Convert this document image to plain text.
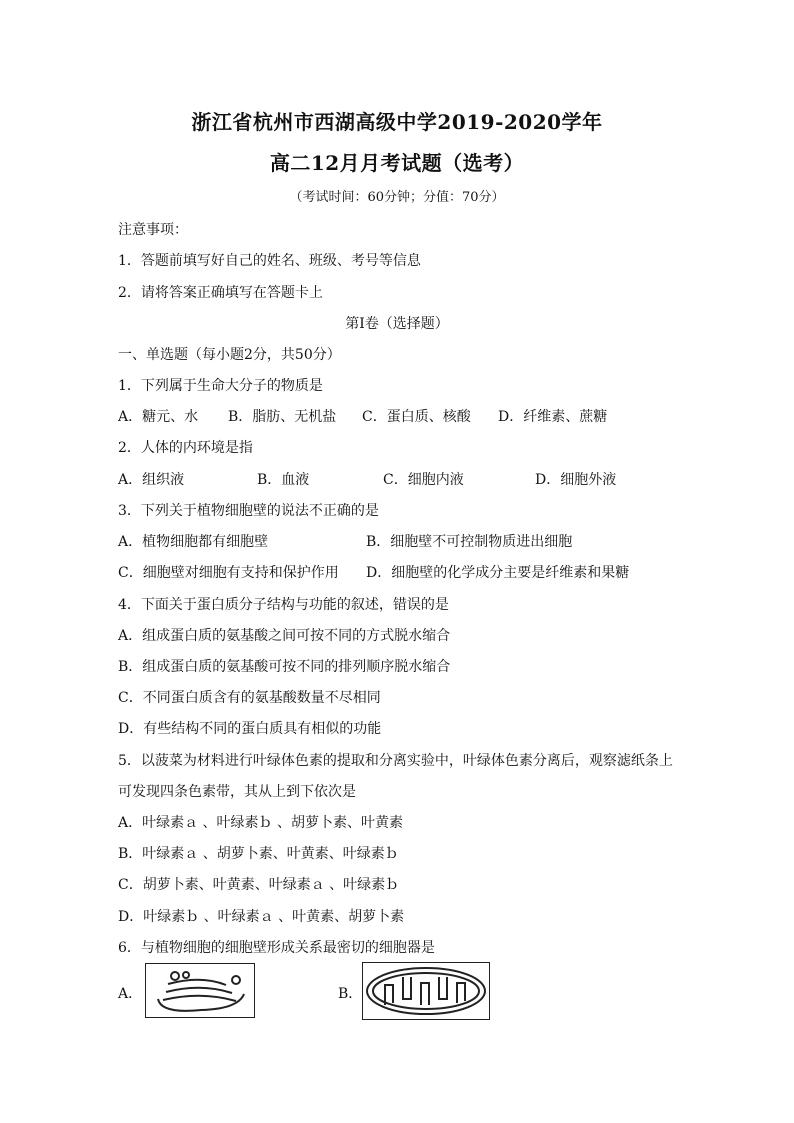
浙江省杭州市西湖高级中学2019-2020学年
高二12月月考试题（选考）
（考试时间：60分钟；分值：70分）
注意事项：
1．答题前填写好自己的姓名、班级、考号等信息
2．请将答案正确填写在答题卡上
第Ⅰ卷（选择题）
一、单选题（每小题2分，共50分）
1．下列属于生命大分子的物质是
A．糖元、水 B．脂肪、无机盐 C．蛋白质、核酸 D．纤维素、蔗糖
2．人体的内环境是指
A．组织液	B．血液	C．细胞内液	D．细胞外液
3．下列关于植物细胞壁的说法不正确的是
A．植物细胞都有细胞壁	B．细胞壁不可控制物质进出细胞
C．细胞壁对细胞有支持和保护作用 D．细胞壁的化学成分主要是纤维素和果糖
4．下面关于蛋白质分子结构与功能的叙述，错误的是
A．组成蛋白质的氨基酸之间可按不同的方式脱水缩合
B．组成蛋白质的氨基酸可按不同的排列顺序脱水缩合
C．不同蛋白质含有的氨基酸数量不尽相同
D．有些结构不同的蛋白质具有相似的功能
5．以菠菜为材料进行叶绿体色素的提取和分离实验中，叶绿体色素分离后，观察滤纸条上
可发现四条色素带，其从上到下依次是
A．叶绿素ａ 、叶绿素ｂ 、胡萝卜素、叶黄素
B．叶绿素ａ 、胡萝卜素、叶黄素、叶绿素ｂ
C．胡萝卜素、叶黄素、叶绿素ａ 、叶绿素ｂ
D．叶绿素ｂ 、叶绿素ａ 、叶黄素、胡萝卜素
6．与植物细胞的细胞壁形成关系最密切的细胞器是
A．	B．
